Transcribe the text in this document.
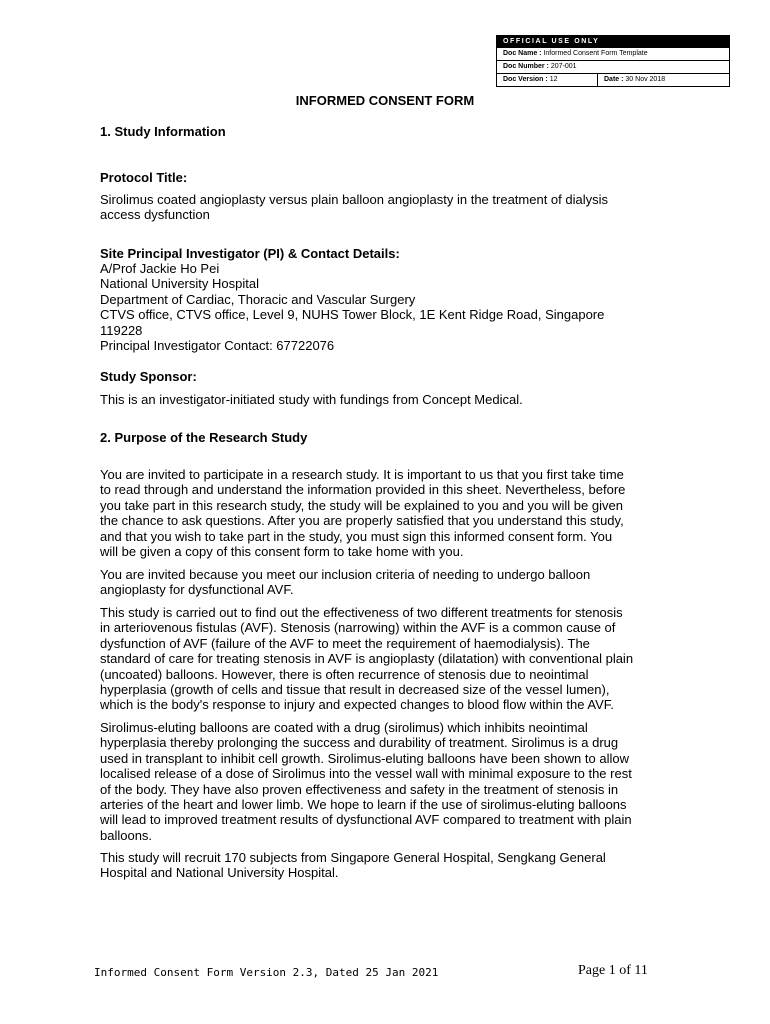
OFFICIAL USE ONLY
Doc Name : Informed Consent Form Template
Doc Number : 207-001
Doc Version : 12	Date : 30 Nov 2018
INFORMED CONSENT FORM
1. Study Information
Protocol Title:
Sirolimus coated angioplasty versus plain balloon angioplasty in the treatment of dialysis
access dysfunction
Site Principal Investigator (PI) & Contact Details:
A/Prof Jackie Ho Pei
National University Hospital
Department of Cardiac, Thoracic and Vascular Surgery
CTVS office, CTVS office, Level 9, NUHS Tower Block, 1E Kent Ridge Road, Singapore
119228
Principal Investigator Contact: 67722076
Study Sponsor:
This is an investigator-initiated study with fundings from Concept Medical.
2. Purpose of the Research Study
You are invited to participate in a research study. It is important to us that you first take time
to read through and understand the information provided in this sheet. Nevertheless, before
you take part in this research study, the study will be explained to you and you will be given
the chance to ask questions. After you are properly satisfied that you understand this study,
and that you wish to take part in the study, you must sign this informed consent form. You
will be given a copy of this consent form to take home with you.
You are invited because you meet our inclusion criteria of needing to undergo balloon
angioplasty for dysfunctional AVF.
This study is carried out to find out the effectiveness of two different treatments for stenosis
in arteriovenous fistulas (AVF). Stenosis (narrowing) within the AVF is a common cause of
dysfunction of AVF (failure of the AVF to meet the requirement of haemodialysis). The
standard of care for treating stenosis in AVF is angioplasty (dilatation) with conventional plain
(uncoated) balloons. However, there is often recurrence of stenosis due to neointimal
hyperplasia (growth of cells and tissue that result in decreased size of the vessel lumen),
which is the body's response to injury and expected changes to blood flow within the AVF.
Sirolimus-eluting balloons are coated with a drug (sirolimus) which inhibits neointimal
hyperplasia thereby prolonging the success and durability of treatment. Sirolimus is a drug
used in transplant to inhibit cell growth. Sirolimus-eluting balloons have been shown to allow
localised release of a dose of Sirolimus into the vessel wall with minimal exposure to the rest
of the body. They have also proven effectiveness and safety in the treatment of stenosis in
arteries of the heart and lower limb. We hope to learn if the use of sirolimus-eluting balloons
will lead to improved treatment results of dysfunctional AVF compared to treatment with plain
balloons.
This study will recruit 170 subjects from Singapore General Hospital, Sengkang General
Hospital and National University Hospital.
Informed Consent Form Version 2.3, Dated 25 Jan 2021	Page 1 of 11
